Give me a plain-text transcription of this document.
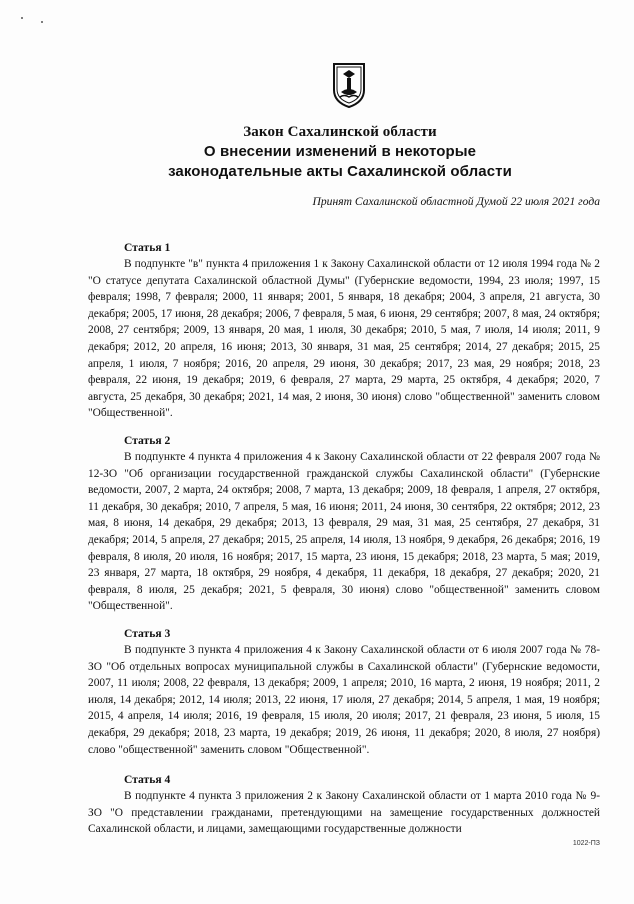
Закон Сахалинской области
О внесении изменений в некоторые
законодательные акты Сахалинской области
Принят Сахалинской областной Думой 22 июля 2021 года

Статья 1

В подпункте "в" пункта 4 приложения 1 к Закону Сахалинской области от 12 июля 1994 года № 2 "О статусе депутата Сахалинской областной Думы" (Губернские ведомости, 1994, 23 июля; 1997, 15 февраля; 1998, 7 февраля; 2000, 11 января; 2001, 5 января, 18 декабря; 2004, 3 апреля, 21 августа, 30 декабря; 2005, 17 июня, 28 декабря; 2006, 7 февраля, 5 мая, 6 июня, 29 сентября; 2007, 8 мая, 24 октября; 2008, 27 сентября; 2009, 13 января, 20 мая, 1 июля, 30 декабря; 2010, 5 мая, 7 июля, 14 июля; 2011, 9 декабря; 2012, 20 апреля, 16 июня; 2013, 30 января, 31 мая, 25 сентября; 2014, 27 декабря; 2015, 25 апреля, 1 июля, 7 ноября; 2016, 20 апреля, 29 июня, 30 декабря; 2017, 23 мая, 29 ноября; 2018, 23 февраля, 22 июня, 19 декабря; 2019, 6 февраля, 27 марта, 29 марта, 25 октября, 4 декабря; 2020, 7 августа, 25 декабря, 30 декабря; 2021, 14 мая, 2 июня, 30 июня) слово "общественной" заменить словом "Общественной".

Статья 2

В подпункте 4 пункта 4 приложения 4 к Закону Сахалинской области от 22 февраля 2007 года № 12-ЗО "Об организации государственной гражданской службы Сахалинской области" (Губернские ведомости, 2007, 2 марта, 24 октября; 2008, 7 марта, 13 декабря; 2009, 18 февраля, 1 апреля, 27 октября, 11 декабря, 30 декабря; 2010, 7 апреля, 5 мая, 16 июня; 2011, 24 июня, 30 сентября, 22 октября; 2012, 23 мая, 8 июня, 14 декабря, 29 декабря; 2013, 13 февраля, 29 мая, 31 мая, 25 сентября, 27 декабря, 31 декабря; 2014, 5 апреля, 27 декабря; 2015, 25 апреля, 14 июля, 13 ноября, 9 декабря, 26 декабря; 2016, 19 февраля, 8 июля, 20 июля, 16 ноября; 2017, 15 марта, 23 июня, 15 декабря; 2018, 23 марта, 5 мая; 2019, 23 января, 27 марта, 18 октября, 29 ноября, 4 декабря, 11 декабря, 18 декабря, 27 декабря; 2020, 21 февраля, 8 июля, 25 декабря; 2021, 5 февраля, 30 июня) слово "общественной" заменить словом "Общественной".

Статья 3

В подпункте 3 пункта 4 приложения 4 к Закону Сахалинской области от 6 июля 2007 года № 78-ЗО "Об отдельных вопросах муниципальной службы в Сахалинской области" (Губернские ведомости, 2007, 11 июля; 2008, 22 февраля, 13 декабря; 2009, 1 апреля; 2010, 16 марта, 2 июня, 19 ноября; 2011, 2 июля, 14 декабря; 2012, 14 июля; 2013, 22 июня, 17 июля, 27 декабря; 2014, 5 апреля, 1 мая, 19 ноября; 2015, 4 апреля, 14 июля; 2016, 19 февраля, 15 июля, 20 июля; 2017, 21 февраля, 23 июня, 5 июля, 15 декабря, 29 декабря; 2018, 23 марта, 19 декабря; 2019, 26 июня, 11 декабря; 2020, 8 июля, 27 ноября) слово "общественной" заменить словом "Общественной".

Статья 4

В подпункте 4 пункта 3 приложения 2 к Закону Сахалинской области от 1 марта 2010 года № 9-ЗО "О представлении гражданами, претендующими на замещение государственных должностей Сахалинской области, и лицами, замещающими государственные должности

1022-ПЗ
